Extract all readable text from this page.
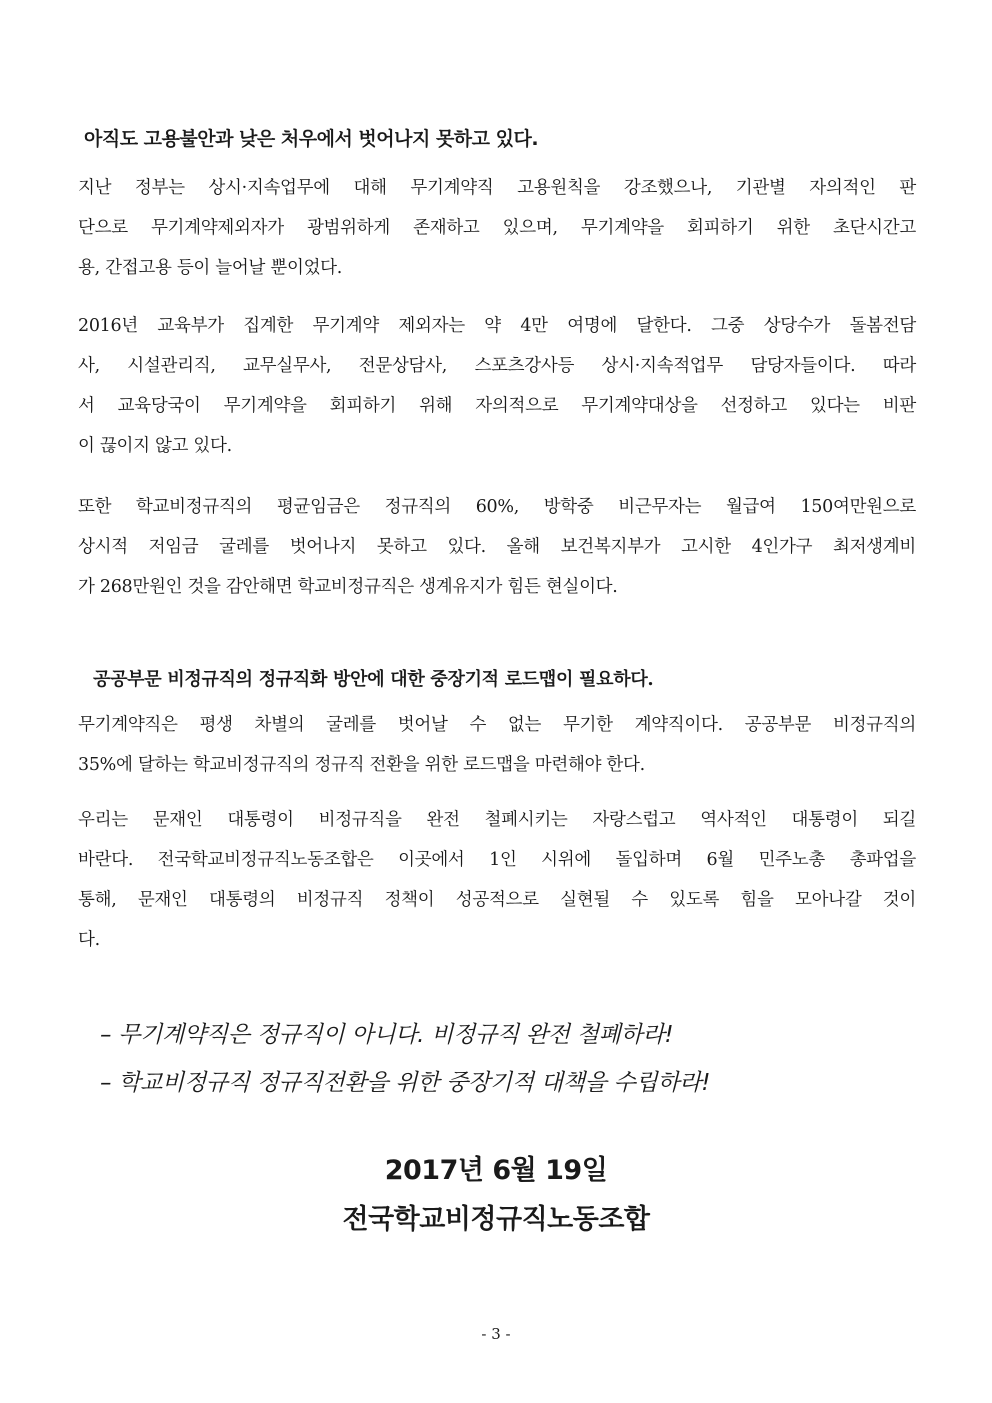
아직도 고용불안과 낮은 처우에서 벗어나지 못하고 있다.
지난 정부는 상시·지속업무에 대해 무기계약직 고용원칙을 강조했으나, 기관별 자의적인 판
단으로 무기계약제외자가 광범위하게 존재하고 있으며, 무기계약을 회피하기 위한 초단시간고
용, 간접고용 등이 늘어날 뿐이었다.
2016년 교육부가 집계한 무기계약 제외자는 약 4만 여명에 달한다. 그중 상당수가 돌봄전담
사, 시설관리직, 교무실무사, 전문상담사, 스포츠강사등 상시·지속적업무 담당자들이다. 따라
서 교육당국이 무기계약을 회피하기 위해 자의적으로 무기계약대상을 선정하고 있다는 비판
이 끊이지 않고 있다.
또한 학교비정규직의 평균임금은 정규직의 60%, 방학중 비근무자는 월급여 150여만원으로
상시적 저임금 굴레를 벗어나지 못하고 있다. 올해 보건복지부가 고시한 4인가구 최저생계비
가 268만원인 것을 감안해면 학교비정규직은 생계유지가 힘든 현실이다.
공공부문 비정규직의 정규직화 방안에 대한 중장기적 로드맵이 필요하다.
무기계약직은 평생 차별의 굴레를 벗어날 수 없는 무기한 계약직이다. 공공부문 비정규직의
35%에 달하는 학교비정규직의 정규직 전환을 위한 로드맵을 마련해야 한다.
우리는 문재인 대통령이 비정규직을 완전 철폐시키는 자랑스럽고 역사적인 대통령이 되길
바란다. 전국학교비정규직노동조합은 이곳에서 1인 시위에 돌입하며 6월 민주노총 총파업을
통해, 문재인 대통령의 비정규직 정책이 성공적으로 실현될 수 있도록 힘을 모아나갈 것이
다.
– 무기계약직은 정규직이 아니다. 비정규직 완전 철폐하라!
– 학교비정규직 정규직전환을 위한 중장기적 대책을 수립하라!
2017년 6월 19일
전국학교비정규직노동조합
- 3 -
